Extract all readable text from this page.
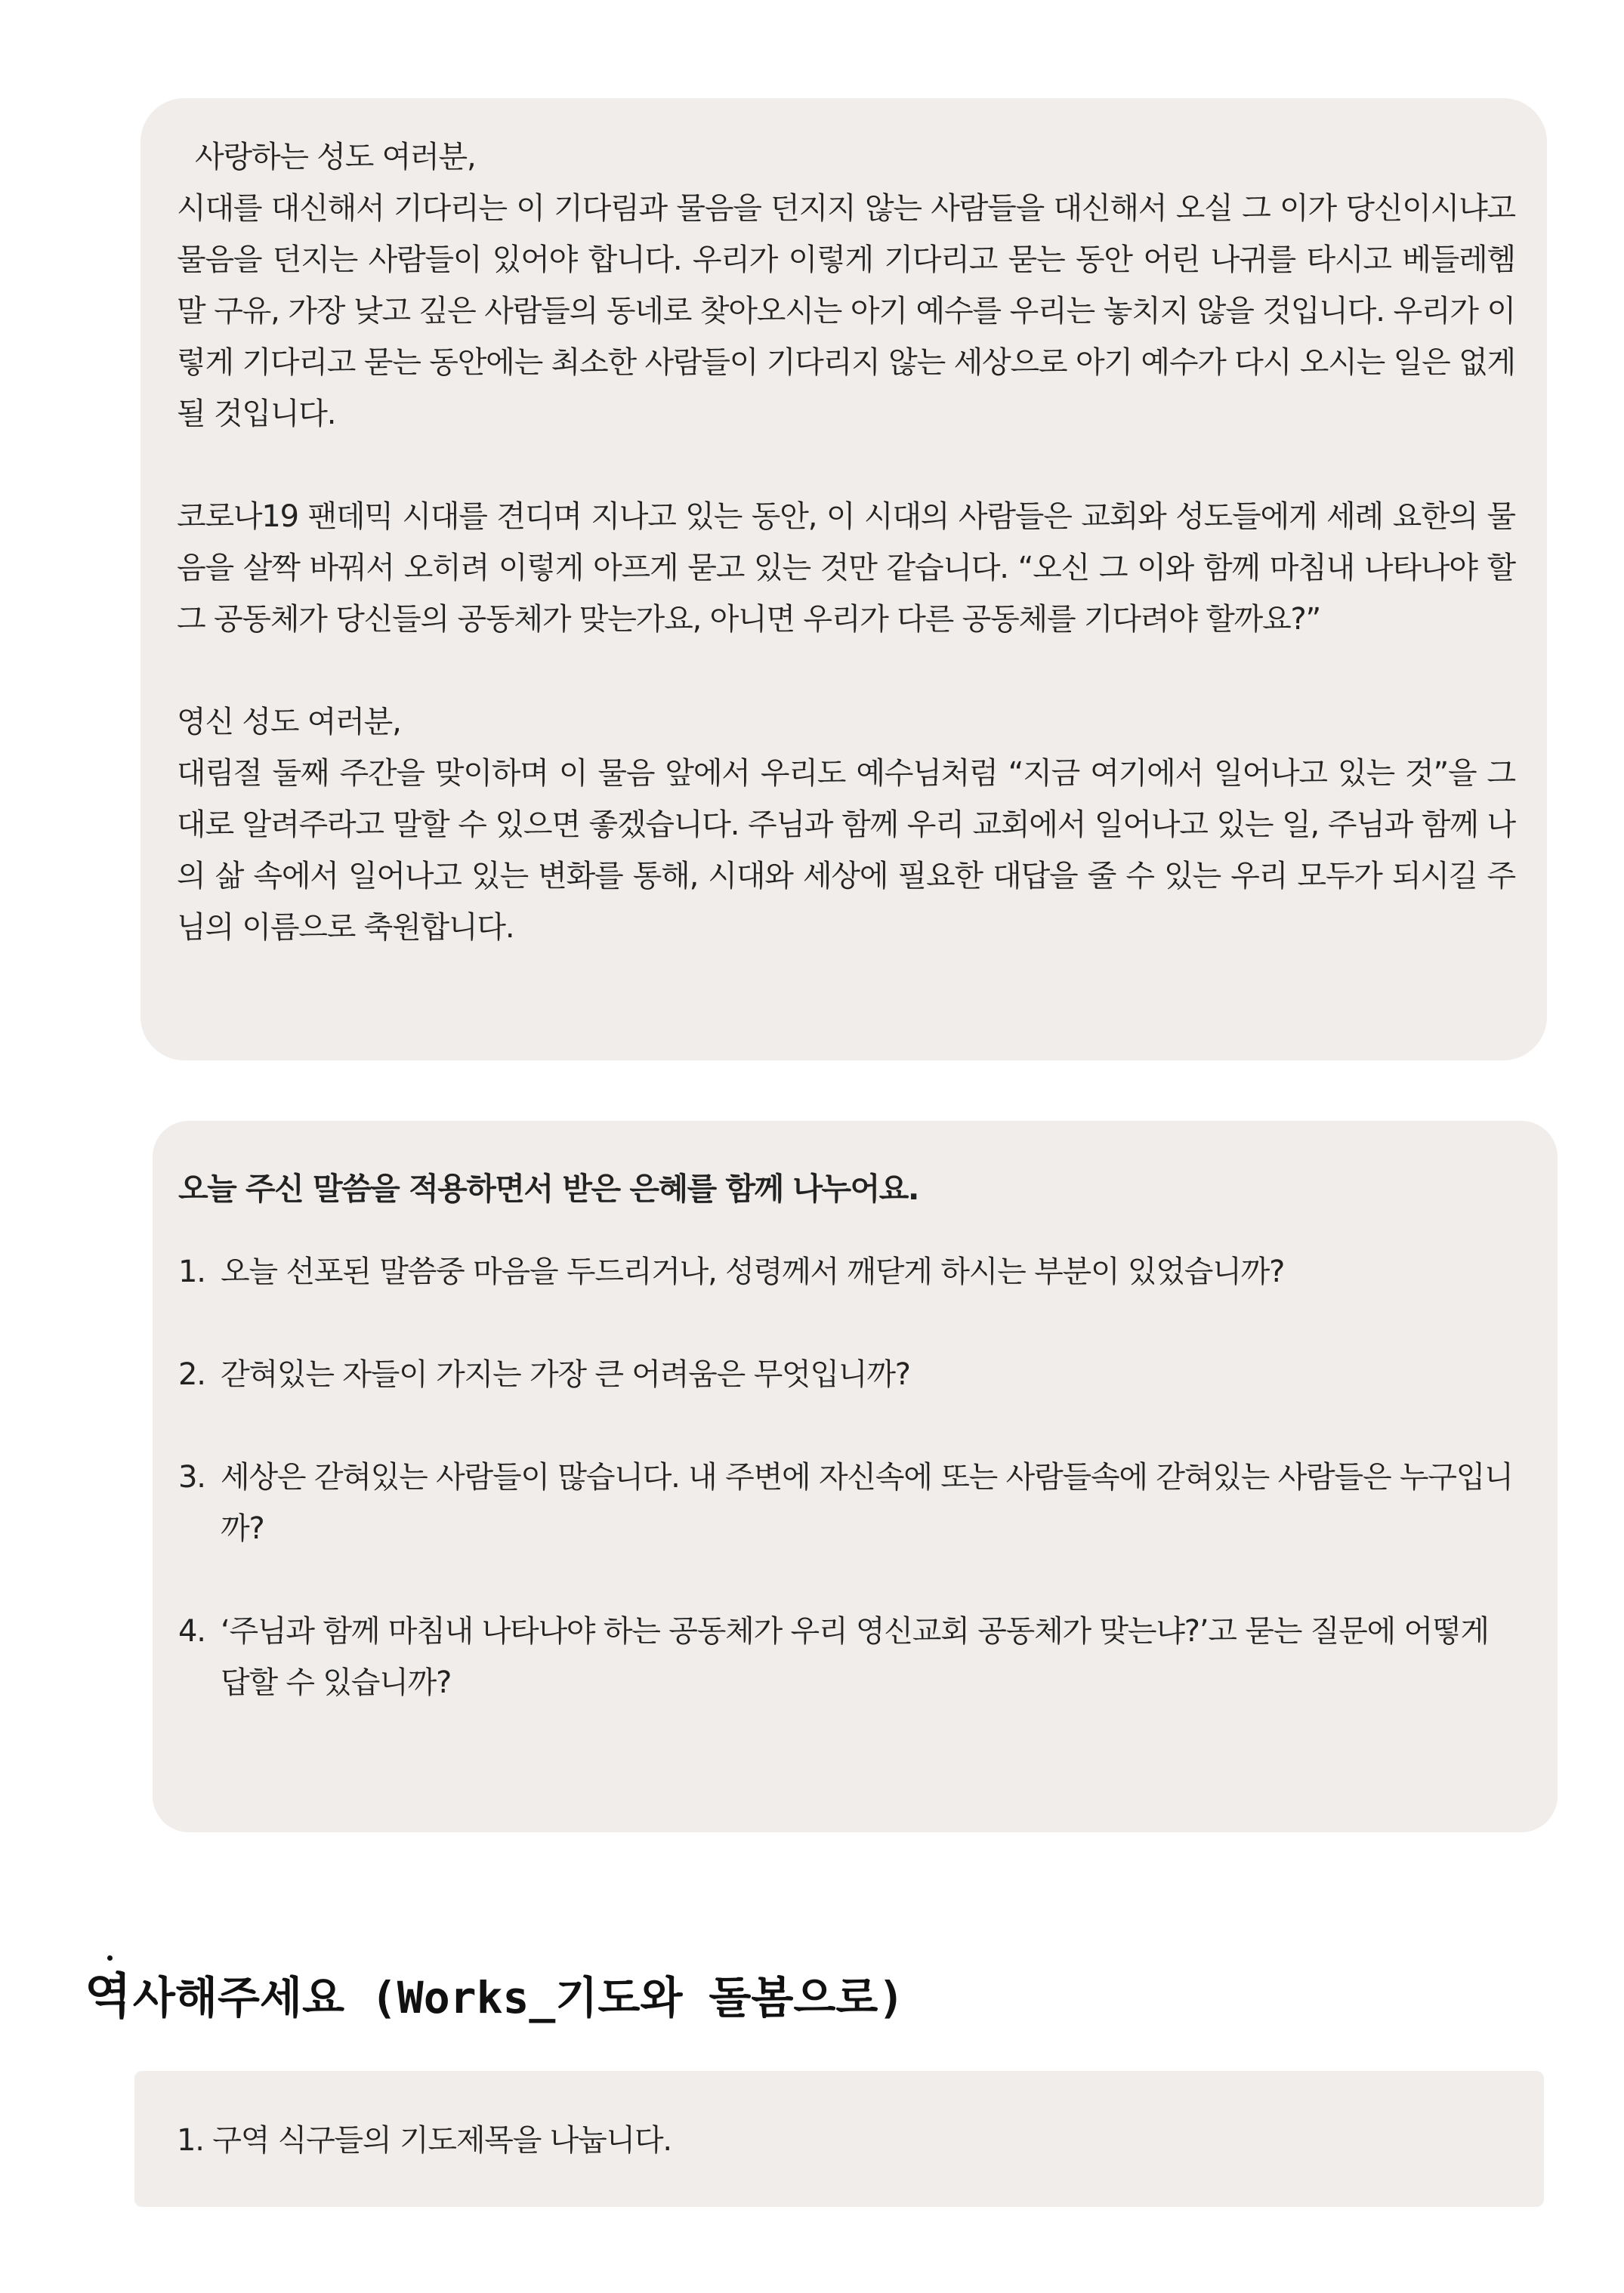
사랑하는 성도 여러분,

시대를 대신해서 기다리는 이 기다림과 물음을 던지지 않는 사람들을 대신해서 오실 그 이가 당신이시냐고 물음을 던지는 사람들이 있어야 합니다. 우리가 이렇게 기다리고 묻는 동안 어린 나귀를 타시고 베들레헴 말 구유, 가장 낮고 깊은 사람들의 동네로 찾아오시는 아기 예수를 우리는 놓치지 않을 것입니다. 우리가 이렇게 기다리고 묻는 동안에는 최소한 사람들이 기다리지 않는 세상으로 아기 예수가 다시 오시는 일은 없게 될 것입니다.

코로나19 팬데믹 시대를 견디며 지나고 있는 동안, 이 시대의 사람들은 교회와 성도들에게 세례 요한의 물음을 살짝 바꿔서 오히려 이렇게 아프게 묻고 있는 것만 같습니다. “오신 그 이와 함께 마침내 나타나야 할 그 공동체가 당신들의 공동체가 맞는가요, 아니면 우리가 다른 공동체를 기다려야 할까요?”

영신 성도 여러분,

대림절 둘째 주간을 맞이하며 이 물음 앞에서 우리도 예수님처럼 “지금 여기에서 일어나고 있는 것”을 그대로 알려주라고 말할 수 있으면 좋겠습니다. 주님과 함께 우리 교회에서 일어나고 있는 일, 주님과 함께 나의 삶 속에서 일어나고 있는 변화를 통해, 시대와 세상에 필요한 대답을 줄 수 있는 우리 모두가 되시길 주님의 이름으로 축원합니다.

오늘 주신 말씀을 적용하면서 받은 은혜를 함께 나누어요.

1. 오늘 선포된 말씀중 마음을 두드리거나, 성령께서 깨닫게 하시는 부분이 있었습니까?
2. 갇혀있는 자들이 가지는 가장 큰 어려움은 무엇입니까?
3. 세상은 갇혀있는 사람들이 많습니다. 내 주변에 자신속에 또는 사람들속에 갇혀있는 사람들은 누구입니까?
4. ‘주님과 함께 마침내 나타나야 하는 공동체가 우리 영신교회 공동체가 맞는냐?’고 묻는 질문에 어떻게 답할 수 있습니까?
역사해주세요 (Works_기도와 돌봄으로)

1. 구역 식구들의 기도제목을 나눕니다.
